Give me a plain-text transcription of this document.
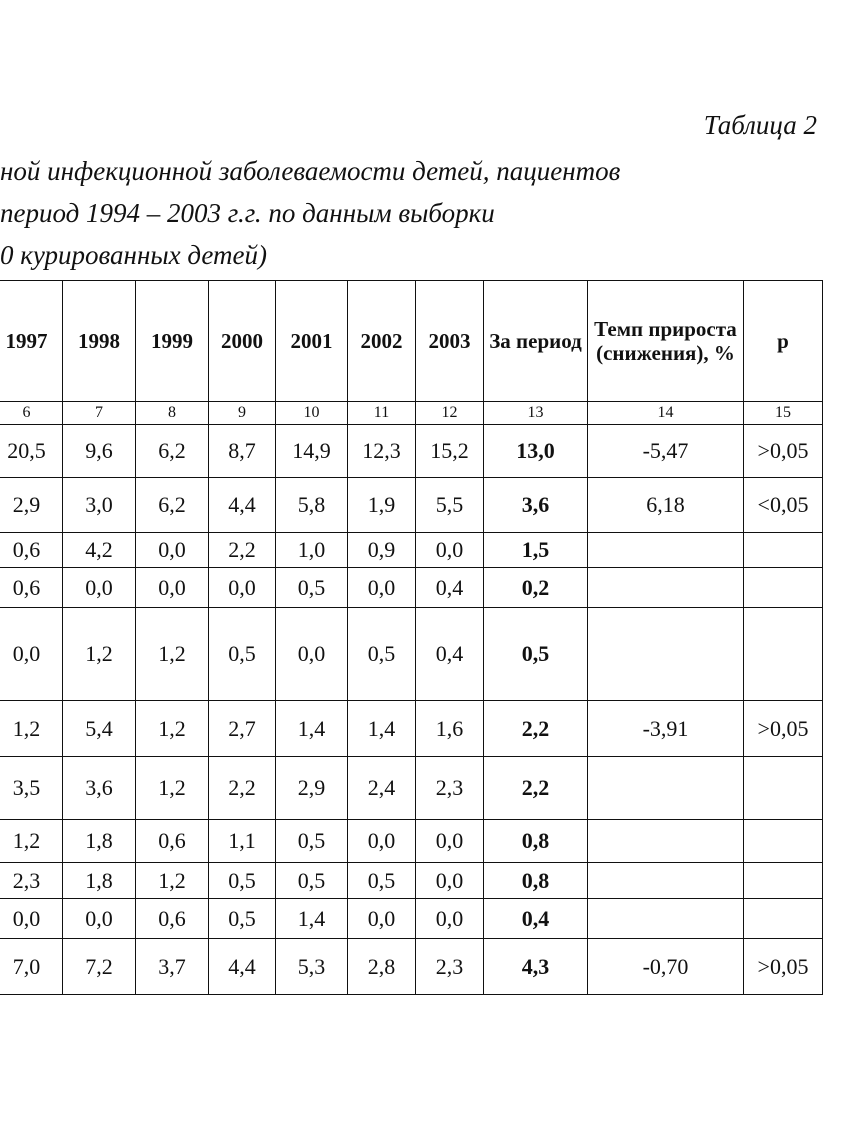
Таблица 2
ной инфекционной заболеваемости детей, пациентов
период 1994 – 2003 г.г. по данным выборки
0 курированных детей)
1997	1998	1999	2000	2001	2002	2003	За период	Темп прироста (снижения), %	р
6	7	8	9	10	11	12	13	14	15
20,5	9,6	6,2	8,7	14,9	12,3	15,2	13,0	-5,47	>0,05
2,9	3,0	6,2	4,4	5,8	1,9	5,5	3,6	6,18	<0,05
0,6	4,2	0,0	2,2	1,0	0,9	0,0	1,5		
0,6	0,0	0,0	0,0	0,5	0,0	0,4	0,2		
0,0	1,2	1,2	0,5	0,0	0,5	0,4	0,5		
1,2	5,4	1,2	2,7	1,4	1,4	1,6	2,2	-3,91	>0,05
3,5	3,6	1,2	2,2	2,9	2,4	2,3	2,2		
1,2	1,8	0,6	1,1	0,5	0,0	0,0	0,8		
2,3	1,8	1,2	0,5	0,5	0,5	0,0	0,8		
0,0	0,0	0,6	0,5	1,4	0,0	0,0	0,4		
7,0	7,2	3,7	4,4	5,3	2,8	2,3	4,3	-0,70	>0,05
